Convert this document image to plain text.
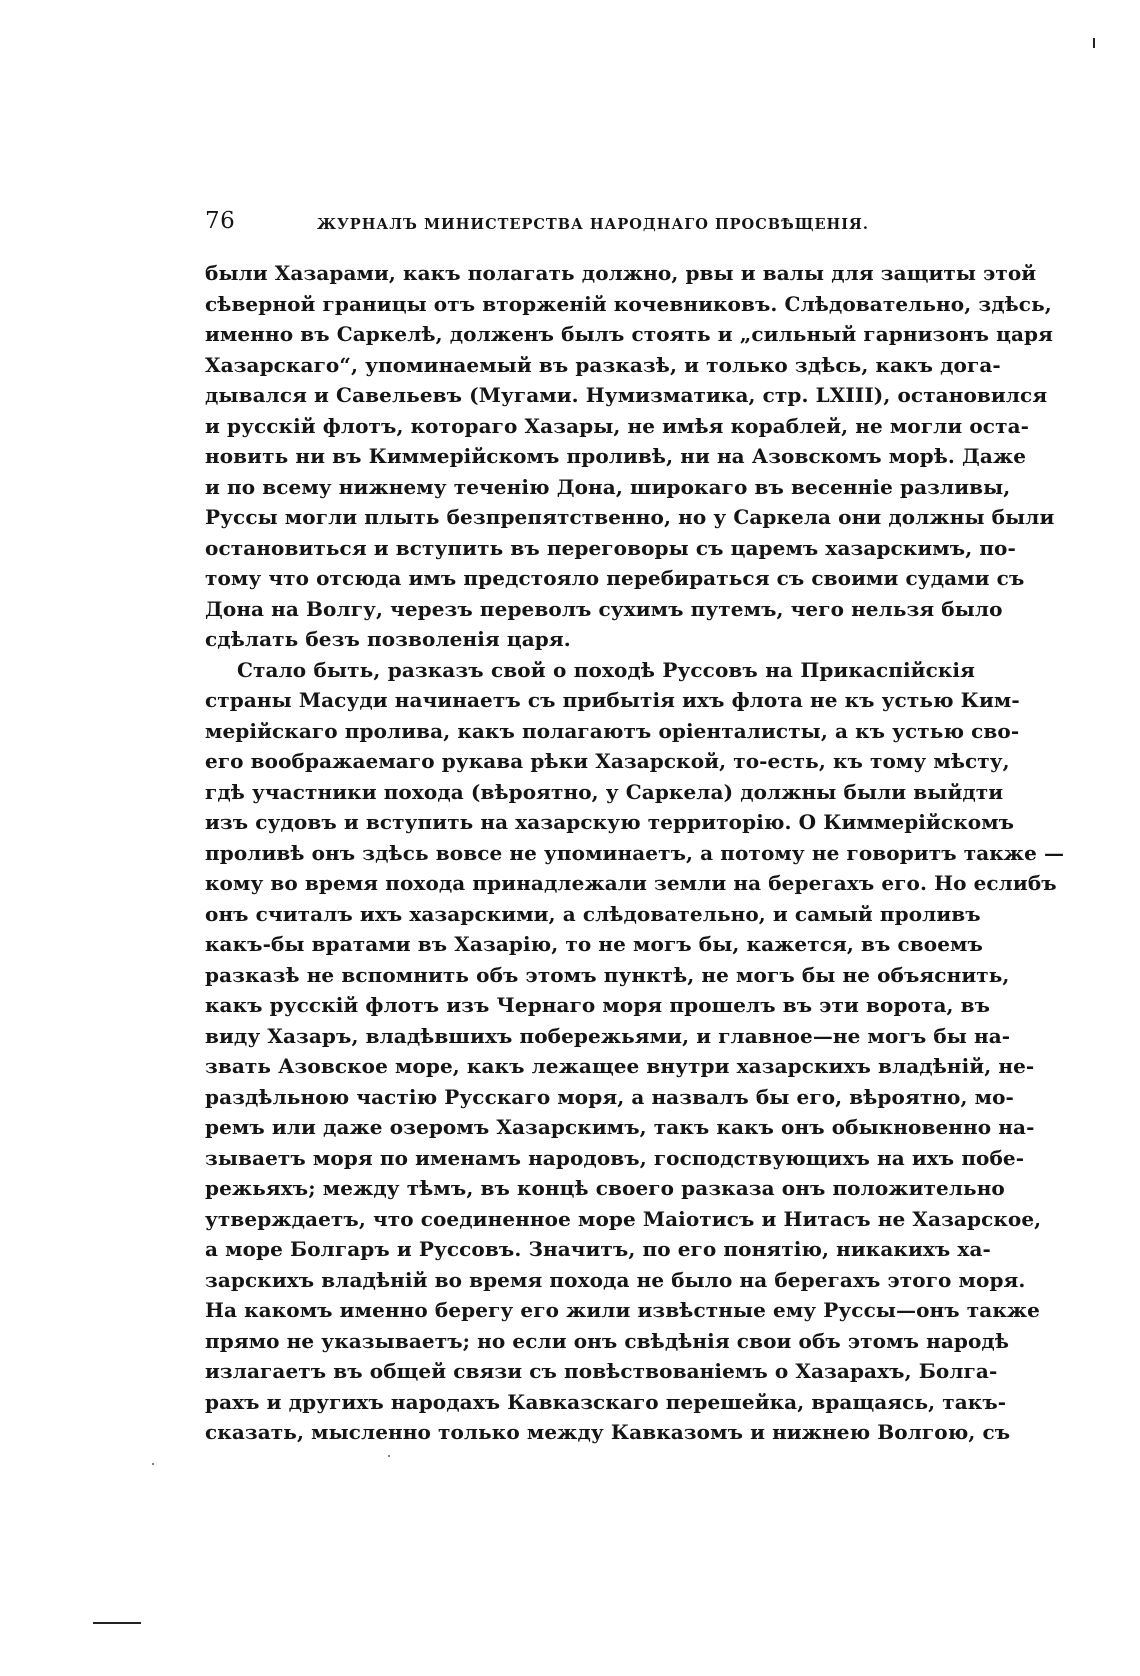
76	ЖУРНАЛЪ МИНИСТЕРСТВА НАРОДНАГО ПРОСВѢЩЕНІЯ.
были Хазарами, какъ полагать должно, рвы и валы для защиты этой
сѣверной границы отъ вторженій кочевниковъ. Слѣдовательно, здѣсь,
именно въ Саркелѣ, долженъ былъ стоять и „сильный гарнизонъ царя
Хазарскаго“, упоминаемый въ разказѣ, и только здѣсь, какъ дога-
дывался и Савельевъ (Мугами. Нумизматика, стр. LXIII), остановился
и русскій флотъ, котораго Хазары, не имѣя кораблей, не могли оста-
новить ни въ Киммерійскомъ проливѣ, ни на Азовскомъ морѣ. Даже
и по всему нижнему теченію Дона, широкаго въ весенніе разливы,
Руссы могли плыть безпрепятственно, но у Саркела они должны были
остановиться и вступить въ переговоры съ царемъ хазарскимъ, по-
тому что отсюда имъ предстояло перебираться съ своими судами съ
Дона на Волгу, черезъ переволъ сухимъ путемъ, чего нельзя было
сдѣлать безъ позволенія царя.
Стало быть, разказъ свой о походѣ Руссовъ на Прикаспійскія
страны Масуди начинаетъ съ прибытія ихъ флота не къ устью Ким-
мерійскаго пролива, какъ полагаютъ оріенталисты, а къ устью сво-
его воображаемаго рукава рѣки Хазарской, то-есть, къ тому мѣсту,
гдѣ участники похода (вѣроятно, у Саркела) должны были выйдти
изъ судовъ и вступить на хазарскую территорію. О Киммерійскомъ
проливѣ онъ здѣсь вовсе не упоминаетъ, а потому не говоритъ также —
кому во время похода принадлежали земли на берегахъ его. Но еслибъ
онъ считалъ ихъ хазарскими, а слѣдовательно, и самый проливъ
какъ-бы вратами въ Хазарію, то не могъ бы, кажется, въ своемъ
разказѣ не вспомнить объ этомъ пунктѣ, не могъ бы не объяснить,
какъ русскій флотъ изъ Чернаго моря прошелъ въ эти ворота, въ
виду Хазаръ, владѣвшихъ побережьями, и главное—не могъ бы на-
звать Азовское море, какъ лежащее внутри хазарскихъ владѣній, не-
раздѣльною частію Русскаго моря, а назвалъ бы его, вѣроятно, мо-
ремъ или даже озеромъ Хазарскимъ, такъ какъ онъ обыкновенно на-
зываетъ моря по именамъ народовъ, господствующихъ на ихъ побе-
режьяхъ; между тѣмъ, въ концѣ своего разказа онъ положительно
утверждаетъ, что соединенное море Маіотисъ и Нитасъ не Хазарское,
а море Болгаръ и Руссовъ. Значитъ, по его понятію, никакихъ ха-
зарскихъ владѣній во время похода не было на берегахъ этого моря.
На какомъ именно берегу его жили извѣстные ему Руссы—онъ также
прямо не указываетъ; но если онъ свѣдѣнія свои объ этомъ народѣ
излагаетъ въ общей связи съ повѣствованіемъ о Хазарахъ, Болга-
рахъ и другихъ народахъ Кавказскаго перешейка, вращаясь, такъ-
сказать, мысленно только между Кавказомъ и нижнею Волгою, съ
